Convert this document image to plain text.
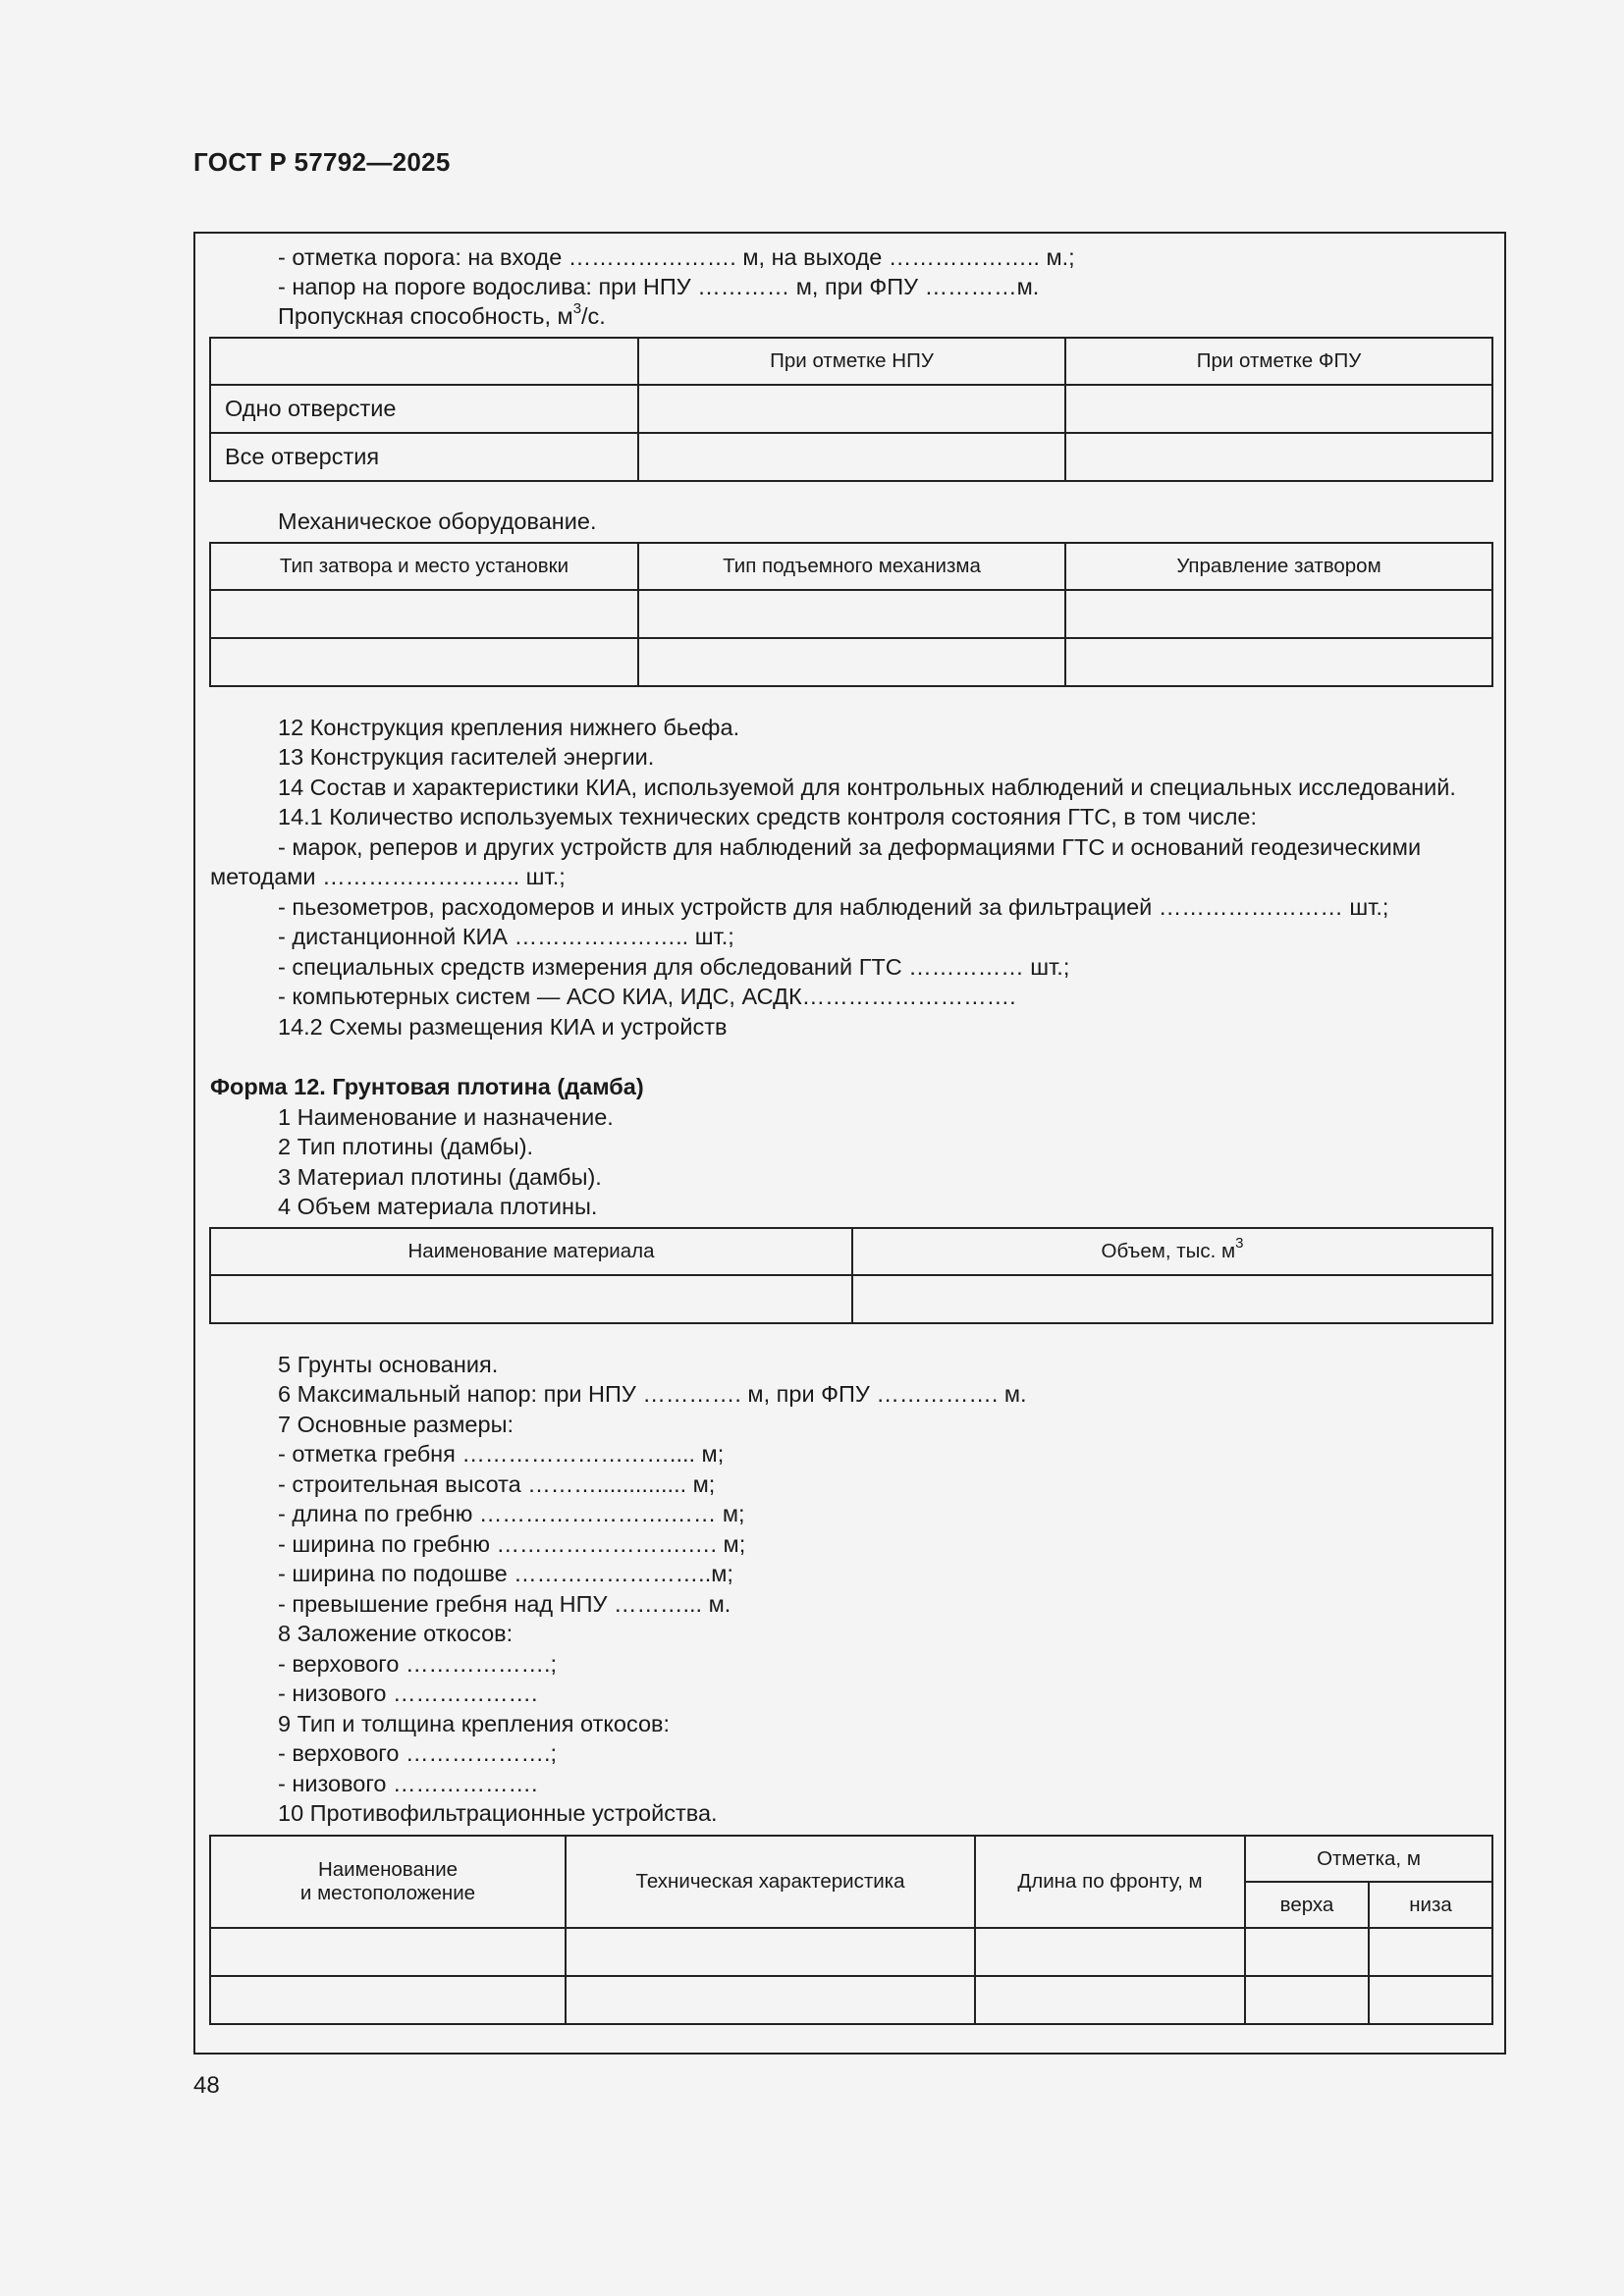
ГОСТ Р 57792—2025
- отметка порога: на входе …………………. м, на выходе ……………….. м.;
- напор на пороге водослива: при НПУ ………… м, при ФПУ …………м.
Пропускная способность, $м^3/с$.
	При отметке НПУ	При отметке ФПУ
Одно отверстие		
Все отверстия		
Механическое оборудование.
Тип затвора и место установки	Тип подъемного механизма	Управление затвором

12 Конструкция крепления нижнего бьефа.
13 Конструкция гасителей энергии.
14 Состав и характеристики КИА, используемой для контрольных наблюдений и специальных исследований.
14.1 Количество используемых технических средств контроля состояния ГТС, в том числе:
- марок, реперов и других устройств для наблюдений за деформациями ГТС и оснований геодезическими
методами …………………….. шт.;
- пьезометров, расходомеров и иных устройств для наблюдений за фильтрацией …………………… шт.;
- дистанционной КИА ………………….. шт.;
- специальных средств измерения для обследований ГТС …………… шт.;
- компьютерных систем — АСО КИА, ИДС, АСДК……………………….
14.2 Схемы размещения КИА и устройств
Форма 12. Грунтовая плотина (дамба)
1 Наименование и назначение.
2 Тип плотины (дамбы).
3 Материал плотины (дамбы).
4 Объем материала плотины.
Наименование материала	Объем, тыс. $м^3$

5 Грунты основания.
6 Максимальный напор: при НПУ …………. м, при ФПУ ……………. м.
7 Основные размеры:
- отметка гребня ……………………….... м;
- строительная высота ……….............. м;
- длина по гребню …………………….…… м;
- ширина по гребню …………………….…. м;
- ширина по подошве ……………………..м;
- превышение гребня над НПУ ………... м.
8 Заложение откосов:
- верхового ……………….;
- низового ……………….
9 Тип и толщина крепления откосов:
- верхового ……………….;
- низового ……………….
10 Противофильтрационные устройства.
Наименование
и местоположение	Техническая характеристика	Длина по фронту, м	Отметка, м	
			верха	низа

48
